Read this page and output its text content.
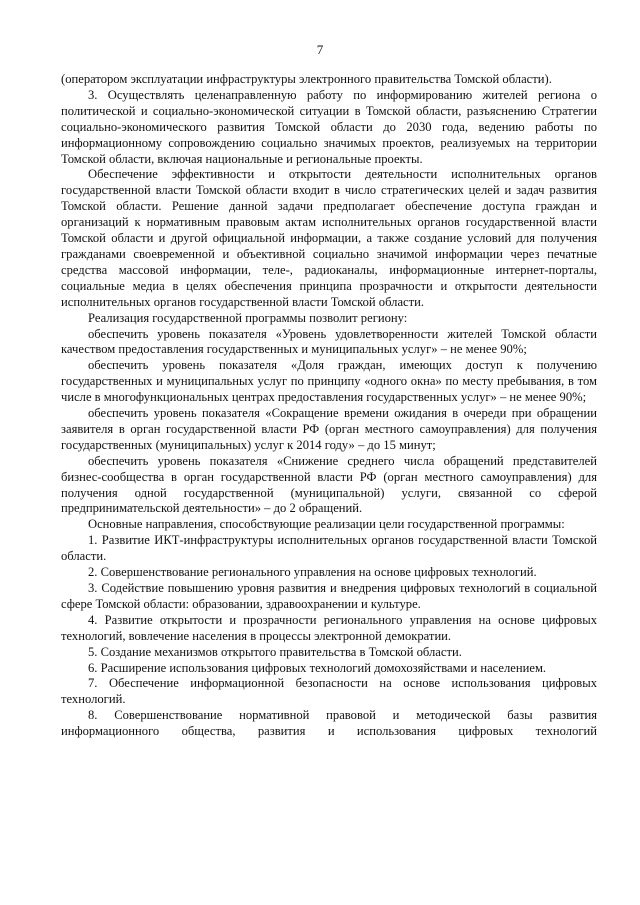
7

(оператором эксплуатации инфраструктуры электронного правительства Томской области).

3. Осуществлять целенаправленную работу по информированию жителей региона о политической и социально-экономической ситуации в Томской области, разъяснению Стратегии социально-экономического развития Томской области до 2030 года, ведению работы по информационному сопровождению социально значимых проектов, реализуемых на территории Томской области, включая национальные и региональные проекты.

Обеспечение эффективности и открытости деятельности исполнительных органов государственной власти Томской области входит в число стратегических целей и задач развития Томской области. Решение данной задачи предполагает обеспечение доступа граждан и организаций к нормативным правовым актам исполнительных органов государственной власти Томской области и другой официальной информации, а также создание условий для получения гражданами своевременной и объективной социально значимой информации через печатные средства массовой информации, теле-, радиоканалы, информационные интернет-порталы, социальные медиа в целях обеспечения принципа прозрачности и открытости деятельности исполнительных органов государственной власти Томской области.

Реализация государственной программы позволит региону:

обеспечить уровень показателя «Уровень удовлетворенности жителей Томской области качеством предоставления государственных и муниципальных услуг» – не менее 90%;

обеспечить уровень показателя «Доля граждан, имеющих доступ к получению государственных и муниципальных услуг по принципу «одного окна» по месту пребывания, в том числе в многофункциональных центрах предоставления государственных услуг» – не менее 90%;

обеспечить уровень показателя «Сокращение времени ожидания в очереди при обращении заявителя в орган государственной власти РФ (орган местного самоуправления) для получения государственных (муниципальных) услуг к 2014 году» – до 15 минут;

обеспечить уровень показателя «Снижение среднего числа обращений представителей бизнес-сообщества в орган государственной власти РФ (орган местного самоуправления) для получения одной государственной (муниципальной) услуги, связанной со сферой предпринимательской деятельности» – до 2 обращений.

Основные направления, способствующие реализации цели государственной программы:

1. Развитие ИКТ-инфраструктуры исполнительных органов государственной власти Томской области.

2. Совершенствование регионального управления на основе цифровых технологий.

3. Содействие повышению уровня развития и внедрения цифровых технологий в социальной сфере Томской области: образовании, здравоохранении и культуре.

4. Развитие открытости и прозрачности регионального управления на основе цифровых технологий, вовлечение населения в процессы электронной демократии.

5. Создание механизмов открытого правительства в Томской области.

6. Расширение использования цифровых технологий домохозяйствами и населением.

7. Обеспечение информационной безопасности на основе использования цифровых технологий.

8. Совершенствование нормативной правовой и методической базы развития информационного общества, развития и использования цифровых технологий
